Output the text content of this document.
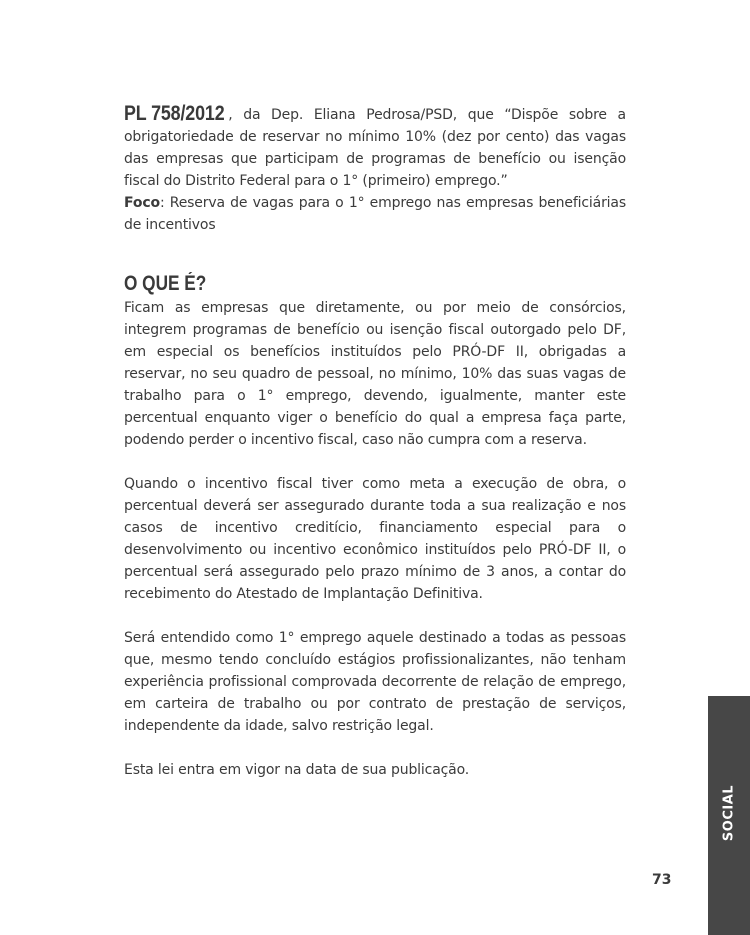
PL 758/2012 , da Dep. Eliana Pedrosa/PSD, que “Dispõe sobre a obrigatoriedade de reservar no mínimo 10% (dez por cento) das vagas das empresas que participam de programas de benefício ou isenção fiscal do Distrito Federal para o 1° (primeiro) emprego.”

Foco: Reserva de vagas para o 1° emprego nas empresas beneficiárias de incentivos

O QUE É?

Ficam as empresas que diretamente, ou por meio de consórcios, integrem programas de benefício ou isenção fiscal outorgado pelo DF, em especial os benefícios instituídos pelo PRÓ-DF II, obrigadas a reservar, no seu quadro de pessoal, no mínimo, 10% das suas vagas de trabalho para o 1° emprego, devendo, igualmente, manter este percentual enquanto viger o benefício do qual a empresa faça parte, podendo perder o incentivo fiscal, caso não cumpra com a reserva.

Quando o incentivo fiscal tiver como meta a execução de obra, o percentual deverá ser assegurado durante toda a sua realização e nos casos de incentivo creditício, financiamento especial para o desenvolvimento ou incentivo econômico instituídos pelo PRÓ-DF II, o percentual será assegurado pelo prazo mínimo de 3 anos, a contar do recebimento do Atestado de Implantação Definitiva.

Será entendido como 1° emprego aquele destinado a todas as pessoas que, mesmo tendo concluído estágios profissionalizantes, não tenham experiência profissional comprovada decorrente de relação de emprego, em carteira de trabalho ou por contrato de prestação de serviços, independente da idade, salvo restrição legal.

Esta lei entra em vigor na data de sua publicação.

SOCIAL
73
